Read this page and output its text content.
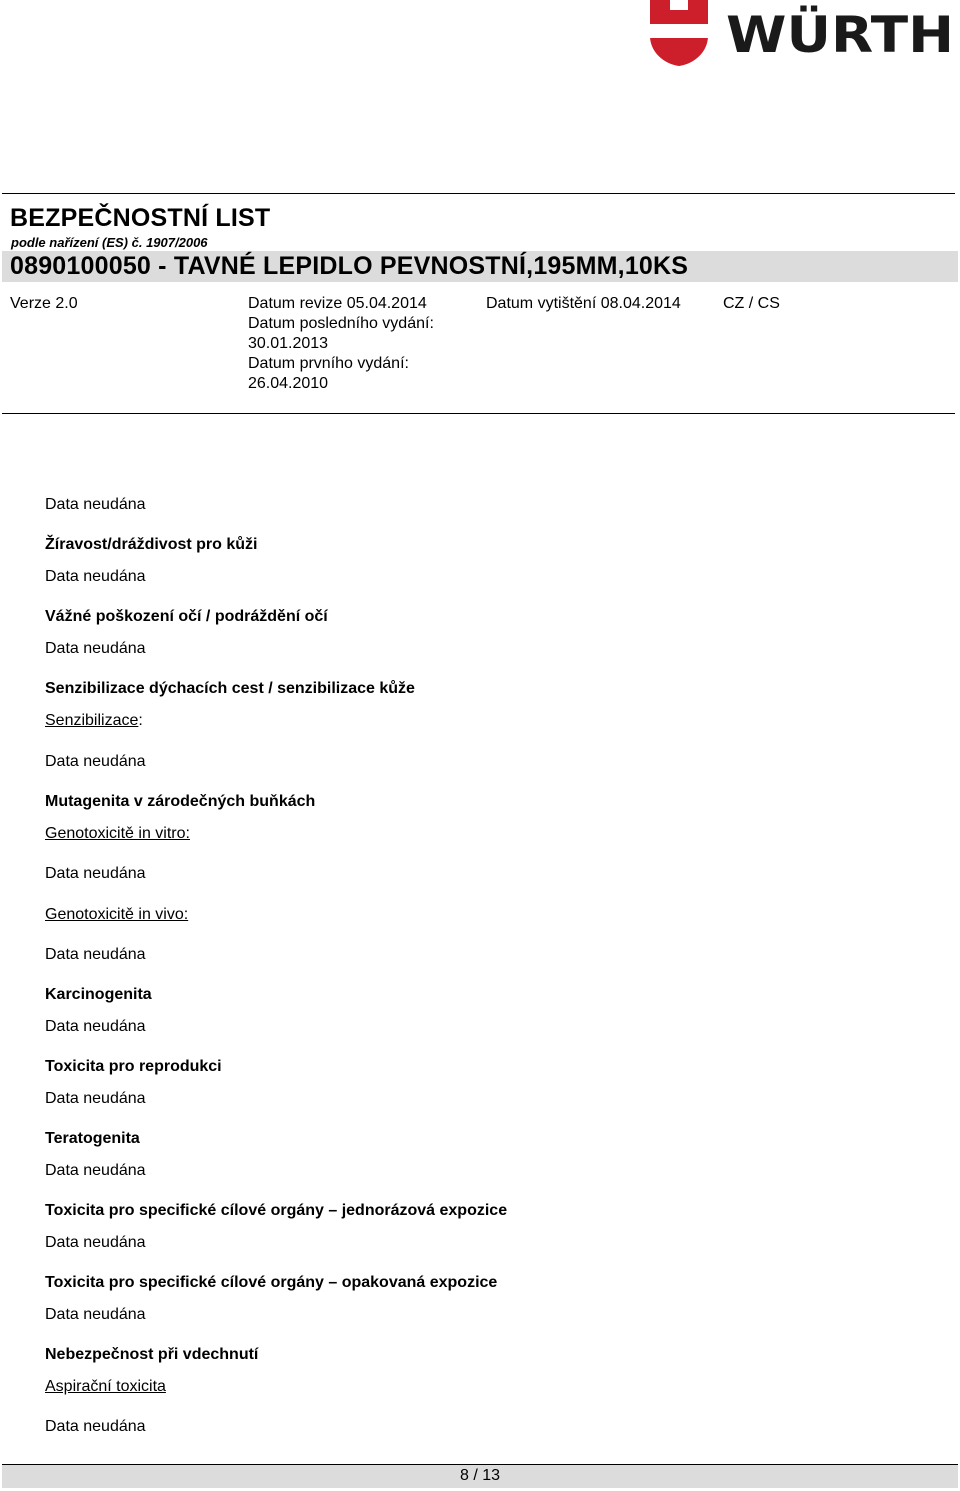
WÜRTH
BEZPEČNOSTNÍ LIST
podle nařízení (ES) č. 1907/2006
0890100050 - TAVNÉ LEPIDLO PEVNOSTNÍ,195MM,10KS
Verze 2.0	Datum revize 05.04.2014
Datum posledního vydání:
30.01.2013
Datum prvního vydání:
26.04.2010
Datum vytištění 08.04.2014	CZ / CS
Data neudána
Žíravost/dráždivost pro kůži
Data neudána
Vážné poškození očí / podráždění očí
Data neudána
Senzibilizace dýchacích cest / senzibilizace kůže
Senzibilizace:
Data neudána
Mutagenita v zárodečných buňkách
Genotoxicitě in vitro:
Data neudána
Genotoxicitě in vivo:
Data neudána
Karcinogenita
Data neudána
Toxicita pro reprodukci
Data neudána
Teratogenita
Data neudána
Toxicita pro specifické cílové orgány – jednorázová expozice
Data neudána
Toxicita pro specifické cílové orgány – opakovaná expozice
Data neudána
Nebezpečnost při vdechnutí
Aspirační toxicita
Data neudána
8 / 13
